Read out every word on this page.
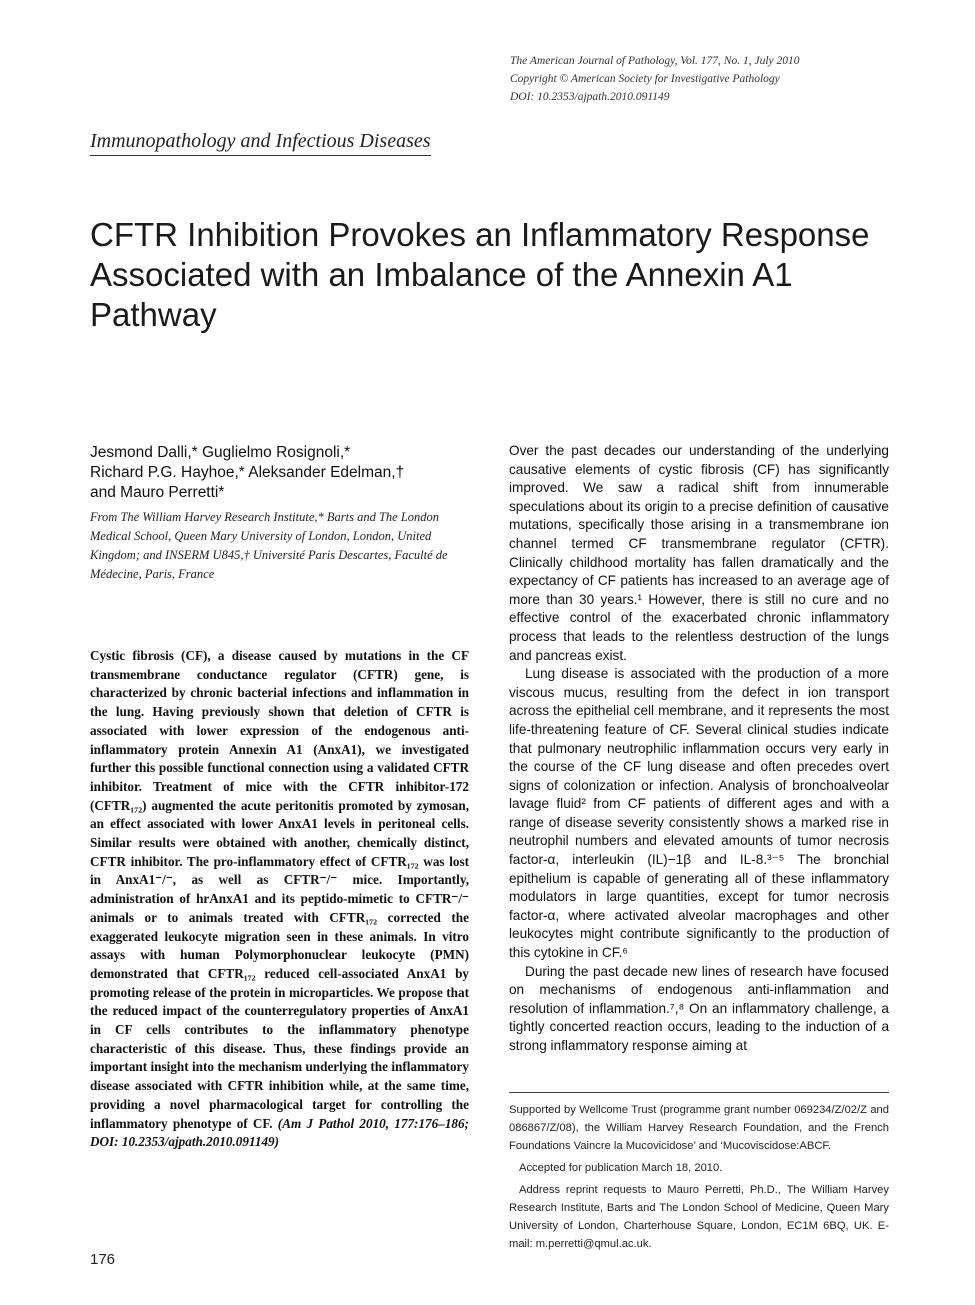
The American Journal of Pathology, Vol. 177, No. 1, July 2010
Copyright © American Society for Investigative Pathology
DOI: 10.2353/ajpath.2010.091149
Immunopathology and Infectious Diseases
CFTR Inhibition Provokes an Inflammatory Response Associated with an Imbalance of the Annexin A1 Pathway
Jesmond Dalli,* Guglielmo Rosignoli,*
Richard P.G. Hayhoe,* Aleksander Edelman,†
and Mauro Perretti*
From The William Harvey Research Institute,* Barts and The London Medical School, Queen Mary University of London, London, United Kingdom; and INSERM U845,† Université Paris Descartes, Faculté de Médecine, Paris, France

Cystic fibrosis (CF), a disease caused by mutations in the CF transmembrane conductance regulator (CFTR) gene, is characterized by chronic bacterial infections and inflammation in the lung. Having previously shown that deletion of CFTR is associated with lower expression of the endogenous anti-inflammatory protein Annexin A1 (AnxA1), we investigated further this possible functional connection using a validated CFTR inhibitor. Treatment of mice with the CFTR inhibitor-172 (CFTR₁₇₂) augmented the acute peritonitis promoted by zymosan, an effect associated with lower AnxA1 levels in peritoneal cells. Similar results were obtained with another, chemically distinct, CFTR inhibitor. The pro-inflammatory effect of CFTR₁₇₂ was lost in AnxA1⁻/⁻, as well as CFTR⁻/⁻ mice. Importantly, administration of hrAnxA1 and its peptido-mimetic to CFTR⁻/⁻ animals or to animals treated with CFTR₁₇₂ corrected the exaggerated leukocyte migration seen in these animals. In vitro assays with human Polymorphonuclear leukocyte (PMN) demonstrated that CFTR₁₇₂ reduced cell-associated AnxA1 by promoting release of the protein in microparticles. We propose that the reduced impact of the counterregulatory properties of AnxA1 in CF cells contributes to the inflammatory phenotype characteristic of this disease. Thus, these findings provide an important insight into the mechanism underlying the inflammatory disease associated with CFTR inhibition while, at the same time, providing a novel pharmacological target for controlling the inflammatory phenotype of CF. (Am J Pathol 2010, 177:176–186; DOI: 10.2353/ajpath.2010.091149)

176

Over the past decades our understanding of the underlying causative elements of cystic fibrosis (CF) has significantly improved. We saw a radical shift from innumerable speculations about its origin to a precise definition of causative mutations, specifically those arising in a transmembrane ion channel termed CF transmembrane regulator (CFTR). Clinically childhood mortality has fallen dramatically and the expectancy of CF patients has increased to an average age of more than 30 years.¹ However, there is still no cure and no effective control of the exacerbated chronic inflammatory process that leads to the relentless destruction of the lungs and pancreas exist.

Lung disease is associated with the production of a more viscous mucus, resulting from the defect in ion transport across the epithelial cell membrane, and it represents the most life-threatening feature of CF. Several clinical studies indicate that pulmonary neutrophilic inflammation occurs very early in the course of the CF lung disease and often precedes overt signs of colonization or infection. Analysis of bronchoalveolar lavage fluid² from CF patients of different ages and with a range of disease severity consistently shows a marked rise in neutrophil numbers and elevated amounts of tumor necrosis factor-α, interleukin (IL)−1β and IL-8.³⁻⁵ The bronchial epithelium is capable of generating all of these inflammatory modulators in large quantities, except for tumor necrosis factor-α, where activated alveolar macrophages and other leukocytes might contribute significantly to the production of this cytokine in CF.⁶

During the past decade new lines of research have focused on mechanisms of endogenous anti-inflammation and resolution of inflammation.⁷,⁸ On an inflammatory challenge, a tightly concerted reaction occurs, leading to the induction of a strong inflammatory response aiming at

Supported by Wellcome Trust (programme grant number 069234/Z/02/Z and 086867/Z/08), the William Harvey Research Foundation, and the French Foundations Vaincre la Mucovicidose’ and ‘Mucoviscidose:ABCF.

Accepted for publication March 18, 2010.

Address reprint requests to Mauro Perretti, Ph.D., The William Harvey Research Institute, Barts and The London School of Medicine, Queen Mary University of London, Charterhouse Square, London, EC1M 6BQ, UK. E-mail: m.perretti@qmul.ac.uk.
